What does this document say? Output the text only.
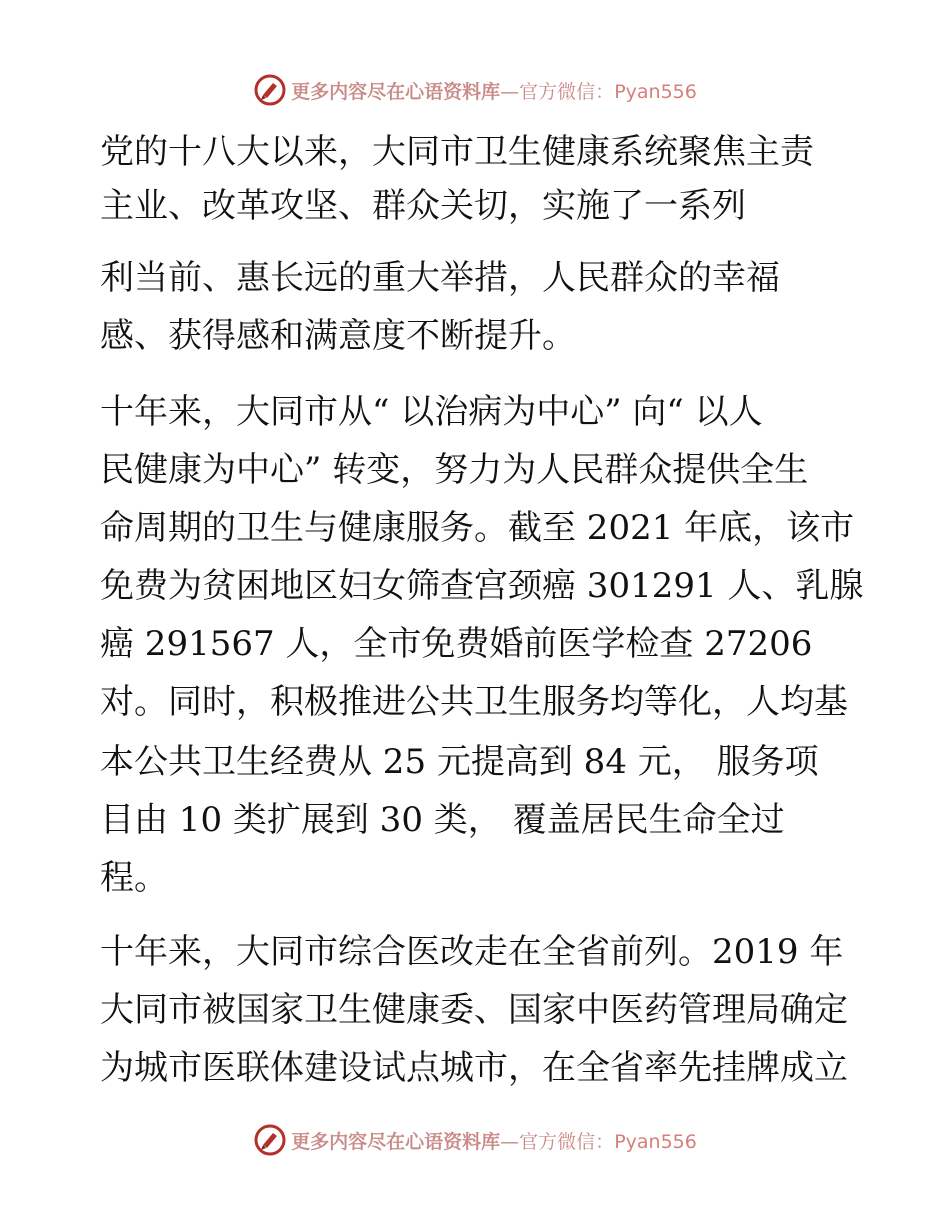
更多内容尽在心语资料库—官方微信：Pyan556
党的十八大以来，大同市卫生健康系统聚焦主责
主业、改革攻坚、群众关切，实施了一系列
利当前、惠长远的重大举措，人民群众的幸福
感、获得感和满意度不断提升。
十年来，大同市从“ 以治病为中心” 向“ 以人
民健康为中心” 转变，努力为人民群众提供全生
命周期的卫生与健康服务。截至 2021 年底，该市
免费为贫困地区妇女筛查宫颈癌 301291 人、乳腺
癌 291567 人，全市免费婚前医学检查 27206
对。同时，积极推进公共卫生服务均等化，人均基
本公共卫生经费从 25 元提高到 84 元， 服务项
目由 10 类扩展到 30 类， 覆盖居民生命全过
程。
十年来，大同市综合医改走在全省前列。2019 年
大同市被国家卫生健康委、国家中医药管理局确定
为城市医联体建设试点城市，在全省率先挂牌成立
更多内容尽在心语资料库—官方微信：Pyan556
